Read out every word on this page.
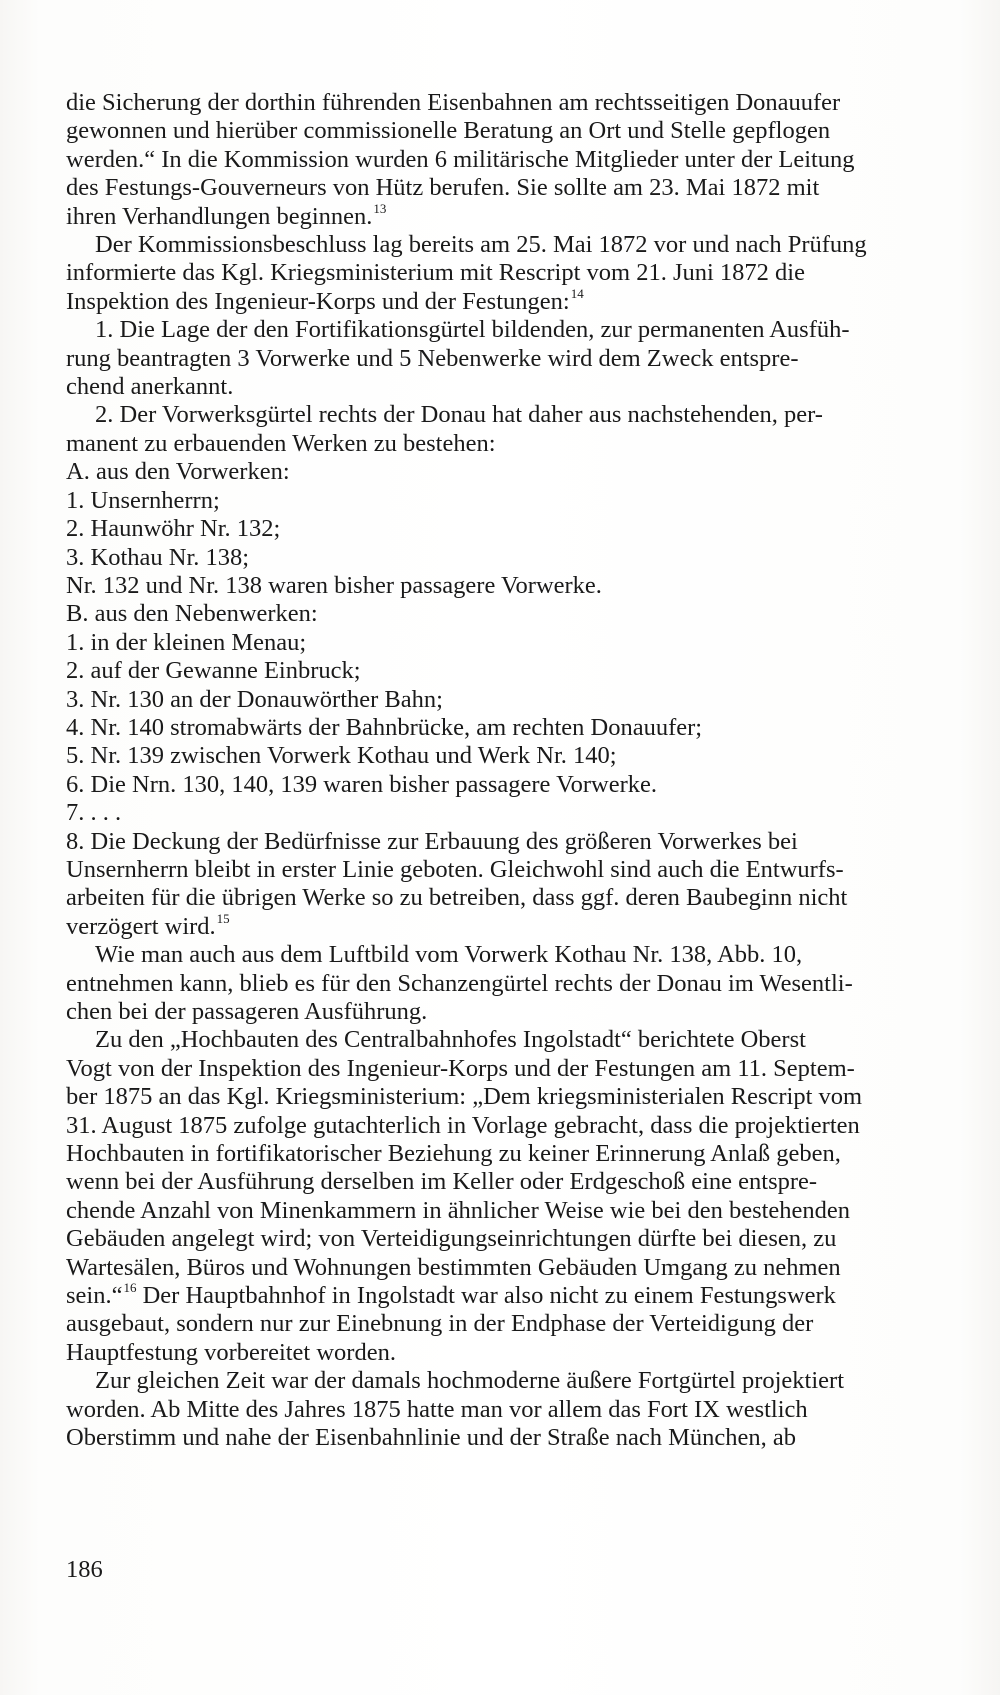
die Sicherung der dorthin führenden Eisenbahnen am rechtsseitigen Donauufer
gewonnen und hierüber commissionelle Beratung an Ort und Stelle gepflogen
werden.“ In die Kommission wurden 6 militärische Mitglieder unter der Leitung
des Festungs-Gouverneurs von Hütz berufen. Sie sollte am 23. Mai 1872 mit
ihren Verhandlungen beginnen.$^{13}$
Der Kommissionsbeschluss lag bereits am 25. Mai 1872 vor und nach Prüfung
informierte das Kgl. Kriegsministerium mit Rescript vom 21. Juni 1872 die
Inspektion des Ingenieur-Korps und der Festungen:$^{14}$
1. Die Lage der den Fortifikationsgürtel bildenden, zur permanenten Ausfüh-
rung beantragten 3 Vorwerke und 5 Nebenwerke wird dem Zweck entspre-
chend anerkannt.
2. Der Vorwerksgürtel rechts der Donau hat daher aus nachstehenden, per-
manent zu erbauenden Werken zu bestehen:
A. aus den Vorwerken:
1. Unsernherrn;
2. Haunwöhr Nr. 132;
3. Kothau Nr. 138;
Nr. 132 und Nr. 138 waren bisher passagere Vorwerke.
B. aus den Nebenwerken:
1. in der kleinen Menau;
2. auf der Gewanne Einbruck;
3. Nr. 130 an der Donauwörther Bahn;
4. Nr. 140 stromabwärts der Bahnbrücke, am rechten Donauufer;
5. Nr. 139 zwischen Vorwerk Kothau und Werk Nr. 140;
6. Die Nrn. 130, 140, 139 waren bisher passagere Vorwerke.
7. . . .
8. Die Deckung der Bedürfnisse zur Erbauung des größeren Vorwerkes bei
Unsernherrn bleibt in erster Linie geboten. Gleichwohl sind auch die Entwurfs-
arbeiten für die übrigen Werke so zu betreiben, dass ggf. deren Baubeginn nicht
verzögert wird.$^{15}$
Wie man auch aus dem Luftbild vom Vorwerk Kothau Nr. 138, Abb. 10,
entnehmen kann, blieb es für den Schanzengürtel rechts der Donau im Wesentli-
chen bei der passageren Ausführung.
Zu den „Hochbauten des Centralbahnhofes Ingolstadt“ berichtete Oberst
Vogt von der Inspektion des Ingenieur-Korps und der Festungen am 11. Septem-
ber 1875 an das Kgl. Kriegsministerium: „Dem kriegsministerialen Rescript vom
31. August 1875 zufolge gutachterlich in Vorlage gebracht, dass die projektierten
Hochbauten in fortifikatorischer Beziehung zu keiner Erinnerung Anlaß geben,
wenn bei der Ausführung derselben im Keller oder Erdgeschoß eine entspre-
chende Anzahl von Minenkammern in ähnlicher Weise wie bei den bestehenden
Gebäuden angelegt wird; von Verteidigungseinrichtungen dürfte bei diesen, zu
Wartesälen, Büros und Wohnungen bestimmten Gebäuden Umgang zu nehmen
sein.“$^{16}$ Der Hauptbahnhof in Ingolstadt war also nicht zu einem Festungswerk
ausgebaut, sondern nur zur Einebnung in der Endphase der Verteidigung der
Hauptfestung vorbereitet worden.
Zur gleichen Zeit war der damals hochmoderne äußere Fortgürtel projektiert
worden. Ab Mitte des Jahres 1875 hatte man vor allem das Fort IX westlich
Oberstimm und nahe der Eisenbahnlinie und der Straße nach München, ab
186
